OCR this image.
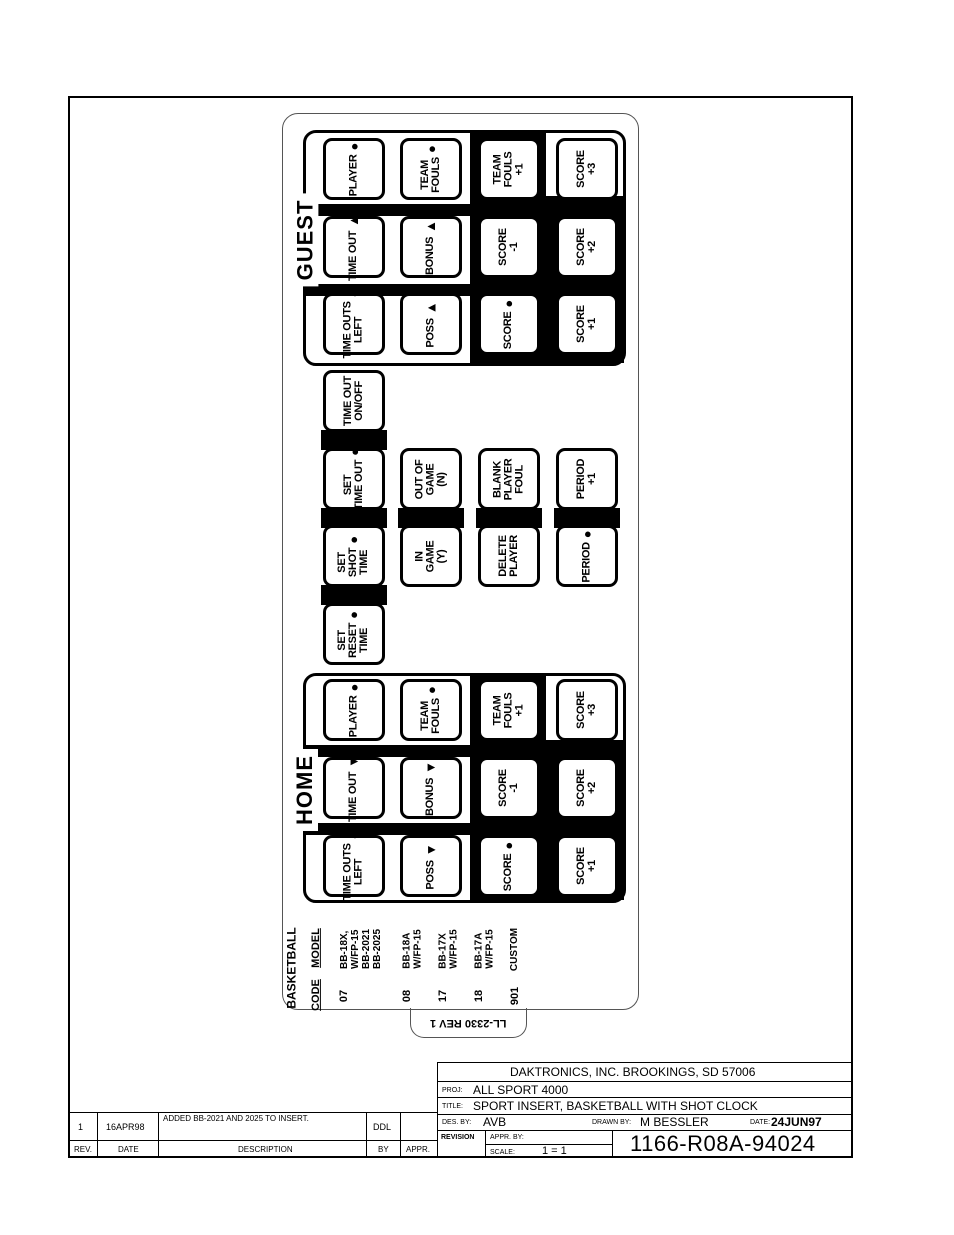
LL-2330 REV 1
GUEST
HOME
PLAYER
●
TEAM
FOULS
●
TEAM
FOULS
+1	SCORE
+3
TIME OUT
▲
BONUS
▲
SCORE
-1	SCORE
+2
TIME OUTS
LEFT
●
POSS
▲
SCORE
●
SCORE
+1
PLAYER
●
TEAM
FOULS
●
TEAM
FOULS
+1	SCORE
+3
TIME OUT
▼
BONUS
▼
SCORE
-1	SCORE
+2
TIME OUTS
LEFT
●
POSS
▼
SCORE
●
SCORE
+1
TIME OUT
ON/OFF
SET
TIME OUT
●
OUT OF
GAME
(N)	BLANK
PLAYER
FOUL	PERIOD
+1
SET
SHOT
TIME
●
IN
GAME
(Y)	DELETE
PLAYER	PERIOD
●
SET
RESET
TIME
●
BASKETBALL CODE
MODEL
07
BB-18X,
W/FP-15
BB-2021
BB-2025
08
BB-18A
W/FP-15
17
BB-17X
W/FP-15
18
BB-17A
W/FP-15
901
CUSTOM
1	16APR98
ADDED BB-2021 AND 2025 TO INSERT.
DDL
REV.	DATE	DESCRIPTION	BY APPR.
DAKTRONICS, INC. BROOKINGS, SD 57006
PROJ: ALL SPORT 4000
TITLE: SPORT INSERT, BASKETBALL WITH SHOT CLOCK
DES. BY: AVB	DRAWN BY: M BESSLER	DATE: 24JUN97
REVISION APPR. BY:
SCALE: 1 = 1	1166-R08A-94024
